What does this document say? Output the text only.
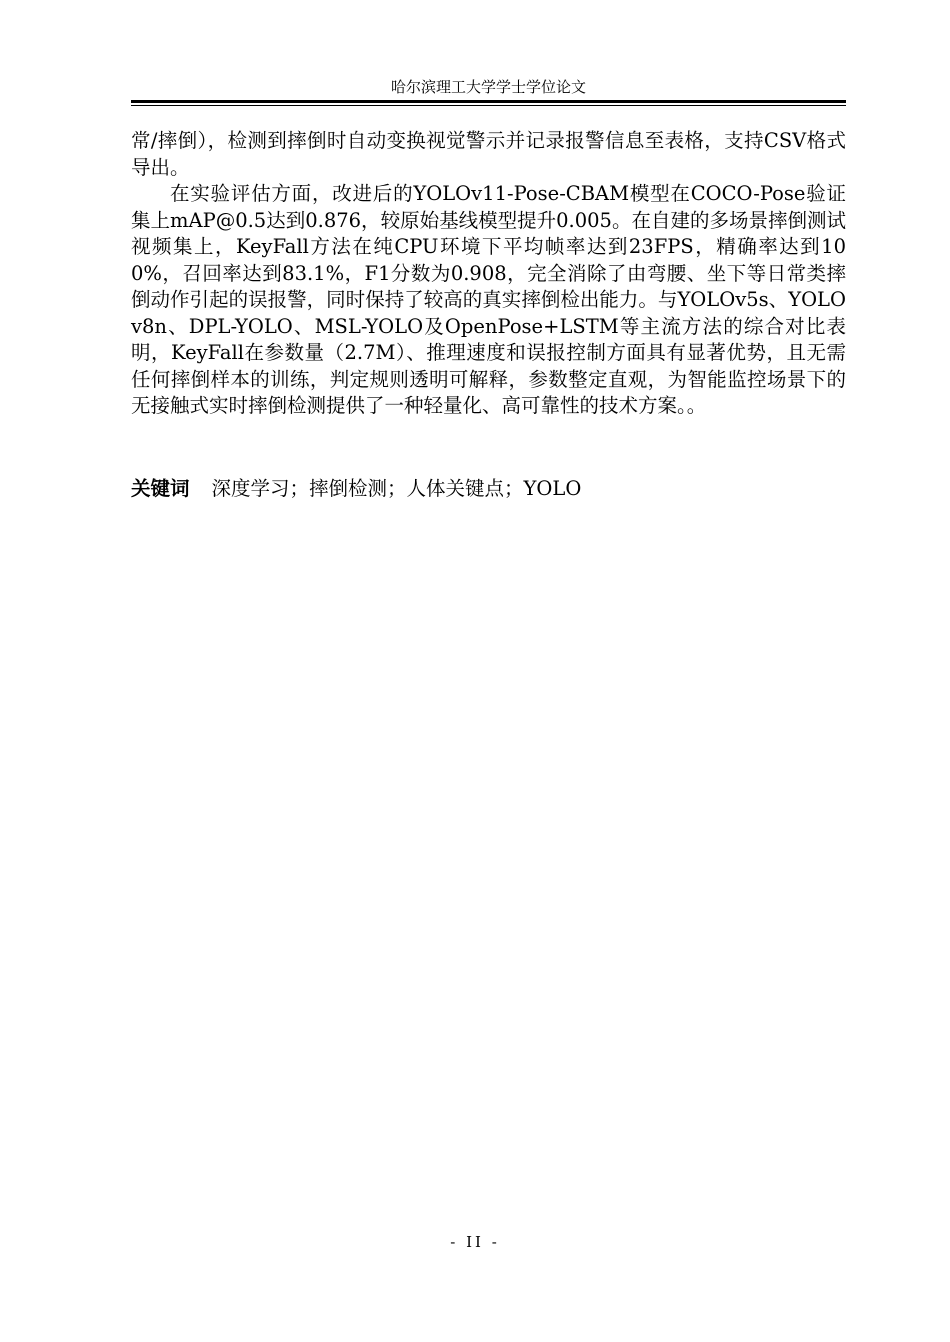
哈尔滨理工大学学士学位论文

常/摔倒），检测到摔倒时自动变换视觉警示并记录报警信息至表格，支持CSV格式导出。

在实验评估方面，改进后的YOLOv11-Pose-CBAM模型在COCO-Pose验证集上mAP@0.5达到0.876，较原始基线模型提升0.005。在自建的多场景摔倒测试视频集上，KeyFall方法在纯CPU环境下平均帧率达到23FPS，精确率达到100%，召回率达到83.1%，F1分数为0.908，完全消除了由弯腰、坐下等日常类摔倒动作引起的误报警，同时保持了较高的真实摔倒检出能力。与YOLOv5s、YOLOv8n、DPL-YOLO、MSL-YOLO及OpenPose+LSTM等主流方法的综合对比表明，KeyFall在参数量（2.7M）、推理速度和误报控制方面具有显著优势，且无需任何摔倒样本的训练，判定规则透明可解释，参数整定直观，为智能监控场景下的无接触式实时摔倒检测提供了一种轻量化、高可靠性的技术方案。。

关键词 深度学习；摔倒检测；人体关键点；YOLO
- II -
